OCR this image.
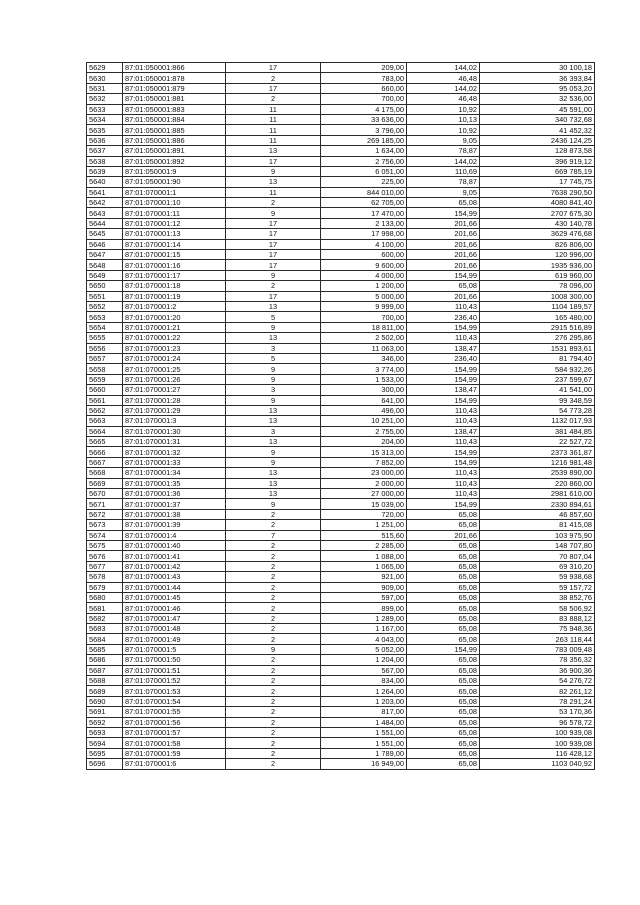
5629	87:01:050001:866	17	209,00	144,02	30 100,18
5630	87:01:050001:878	2	783,00	46,48	36 393,84
5631	87:01:050001:879	17	660,00	144,02	95 053,20
5632	87:01:050001:881	2	700,00	46,48	32 536,00
5633	87:01:050001:883	11	4 175,00	10,92	45 591,00
5634	87:01:050001:884	11	33 636,00	10,13	340 732,68
5635	87:01:050001:885	11	3 796,00	10,92	41 452,32
5636	87:01:050001:886	11	269 185,00	9,05	2436 124,25
5637	87:01:050001:891	13	1 634,00	78,87	128 873,58
5638	87:01:050001:892	17	2 756,00	144,02	396 919,12
5639	87:01:050001:9	9	6 051,00	110,69	669 785,19
5640	87:01:050001:90	13	225,00	78,87	17 745,75
5641	87:01:070001:1	11	844 010,00	9,05	7638 290,50
5642	87:01:070001:10	2	62 705,00	65,08	4080 841,40
5643	87:01:070001:11	9	17 470,00	154,99	2707 675,30
5644	87:01:070001:12	17	2 133,00	201,66	430 140,78
5645	87:01:070001:13	17	17 998,00	201,66	3629 476,68
5646	87:01:070001:14	17	4 100,00	201,66	826 806,00
5647	87:01:070001:15	17	600,00	201,66	120 996,00
5648	87:01:070001:16	17	9 600,00	201,66	1935 936,00
5649	87:01:070001:17	9	4 000,00	154,99	619 960,00
5650	87:01:070001:18	2	1 200,00	65,08	78 096,00
5651	87:01:070001:19	17	5 000,00	201,66	1008 300,00
5652	87:01:070001:2	13	9 999,00	110,43	1104 189,57
5653	87:01:070001:20	5	700,00	236,40	165 480,00
5654	87:01:070001:21	9	18 811,00	154,99	2915 516,89
5655	87:01:070001:22	13	2 502,00	110,43	276 295,86
5656	87:01:070001:23	3	11 063,00	138,47	1531 893,61
5657	87:01:070001:24	5	346,00	236,40	81 794,40
5658	87:01:070001:25	9	3 774,00	154,99	584 932,26
5659	87:01:070001:26	9	1 533,00	154,99	237 599,67
5660	87:01:070001:27	3	300,00	138,47	41 541,00
5661	87:01:070001:28	9	641,00	154,99	99 348,59
5662	87:01:070001:29	13	496,00	110,43	54 773,28
5663	87:01:070001:3	13	10 251,00	110,43	1132 017,93
5664	87:01:070001:30	3	2 755,00	138,47	381 484,85
5665	87:01:070001:31	13	204,00	110,43	22 527,72
5666	87:01:070001:32	9	15 313,00	154,99	2373 361,87
5667	87:01:070001:33	9	7 852,00	154,99	1216 981,48
5668	87:01:070001:34	13	23 000,00	110,43	2539 890,00
5669	87:01:070001:35	13	2 000,00	110,43	220 860,00
5670	87:01:070001:36	13	27 000,00	110,43	2981 610,00
5671	87:01:070001:37	9	15 039,00	154,99	2330 894,61
5672	87:01:070001:38	2	720,00	65,08	46 857,60
5673	87:01:070001:39	2	1 251,00	65,08	81 415,08
5674	87:01:070001:4	7	515,60	201,66	103 975,90
5675	87:01:070001:40	2	2 285,00	65,08	148 707,80
5676	87:01:070001:41	2	1 088,00	65,08	70 807,04
5677	87:01:070001:42	2	1 065,00	65,08	69 310,20
5678	87:01:070001:43	2	921,00	65,08	59 938,68
5679	87:01:070001:44	2	909,00	65,08	59 157,72
5680	87:01:070001:45	2	597,00	65,08	38 852,76
5681	87:01:070001:46	2	899,00	65,08	58 506,92
5682	87:01:070001:47	2	1 289,00	65,08	83 888,12
5683	87:01:070001:48	2	1 167,00	65,08	75 948,36
5684	87:01:070001:49	2	4 043,00	65,08	263 118,44
5685	87:01:070001:5	9	5 052,00	154,99	783 009,48
5686	87:01:070001:50	2	1 204,00	65,08	78 356,32
5687	87:01:070001:51	2	567,00	65,08	36 900,36
5688	87:01:070001:52	2	834,00	65,08	54 276,72
5689	87:01:070001:53	2	1 264,00	65,08	82 261,12
5690	87:01:070001:54	2	1 203,00	65,08	78 291,24
5691	87:01:070001:55	2	817,00	65,08	53 170,36
5692	87:01:070001:56	2	1 484,00	65,08	96 578,72
5693	87:01:070001:57	2	1 551,00	65,08	100 939,08
5694	87:01:070001:58	2	1 551,00	65,08	100 939,08
5695	87:01:070001:59	2	1 789,00	65,08	116 428,12
5696	87:01:070001:6	2	16 949,00	65,08	1103 040,92
